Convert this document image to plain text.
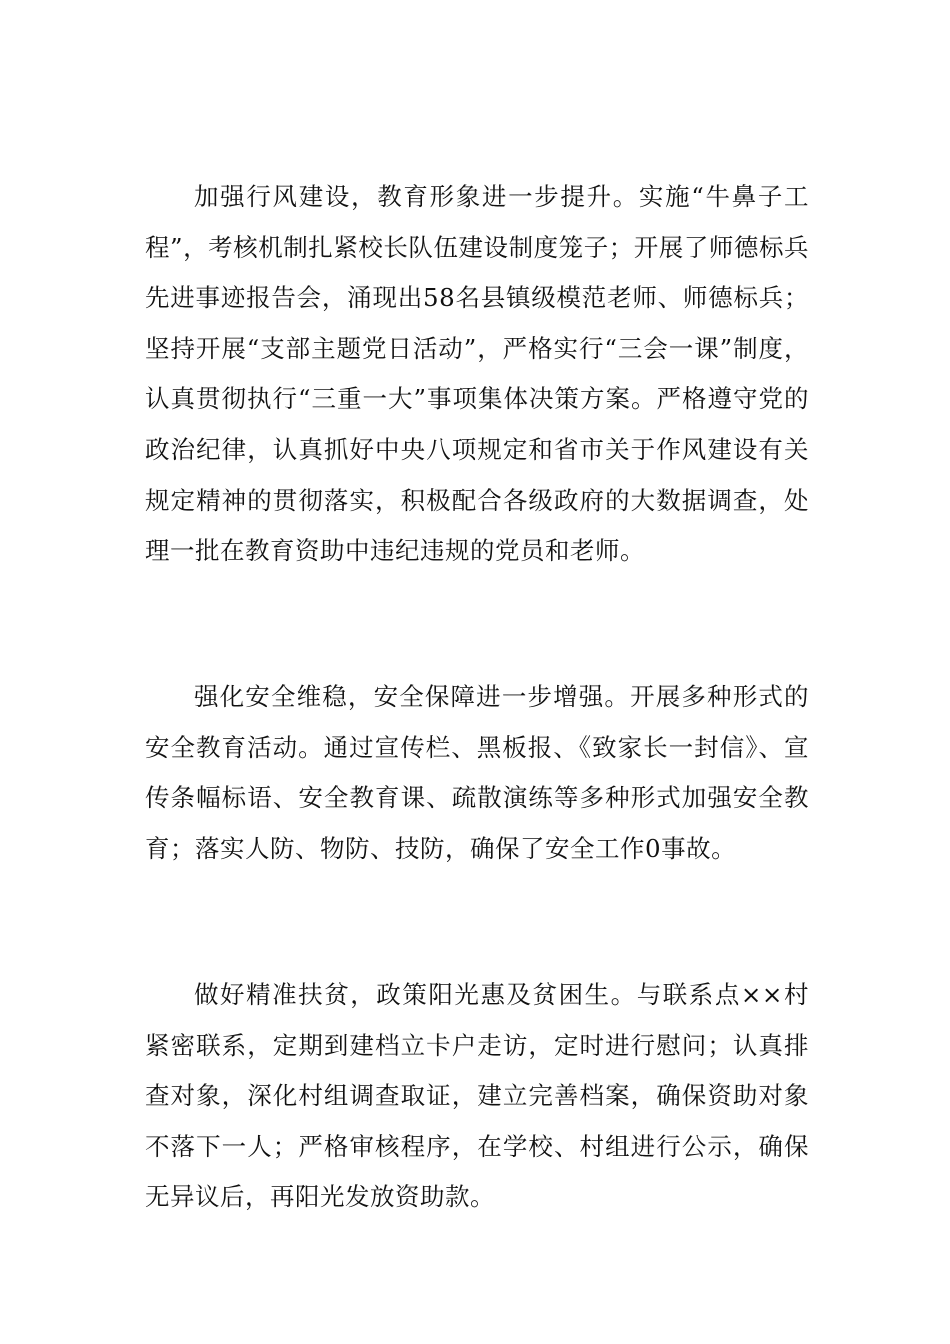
加强行风建设，教育形象进一步提升。实施“牛鼻子工程”，考核机制扎紧校长队伍建设制度笼子；开展了师德标兵先进事迹报告会，涌现出58名县镇级模范老师、师德标兵；坚持开展“支部主题党日活动”，严格实行“三会一课”制度，认真贯彻执行“三重一大”事项集体决策方案。严格遵守党的政治纪律，认真抓好中央八项规定和省市关于作风建设有关规定精神的贯彻落实，积极配合各级政府的大数据调查，处理一批在教育资助中违纪违规的党员和老师。

强化安全维稳，安全保障进一步增强。开展多种形式的安全教育活动。通过宣传栏、黑板报、《致家长一封信》、宣传条幅标语、安全教育课、疏散演练等多种形式加强安全教育；落实人防、物防、技防，确保了安全工作0事故。

做好精准扶贫，政策阳光惠及贫困生。与联系点××村紧密联系，定期到建档立卡户走访，定时进行慰问；认真排查对象，深化村组调查取证，建立完善档案，确保资助对象不落下一人；严格审核程序，在学校、村组进行公示，确保无异议后，再阳光发放资助款。
